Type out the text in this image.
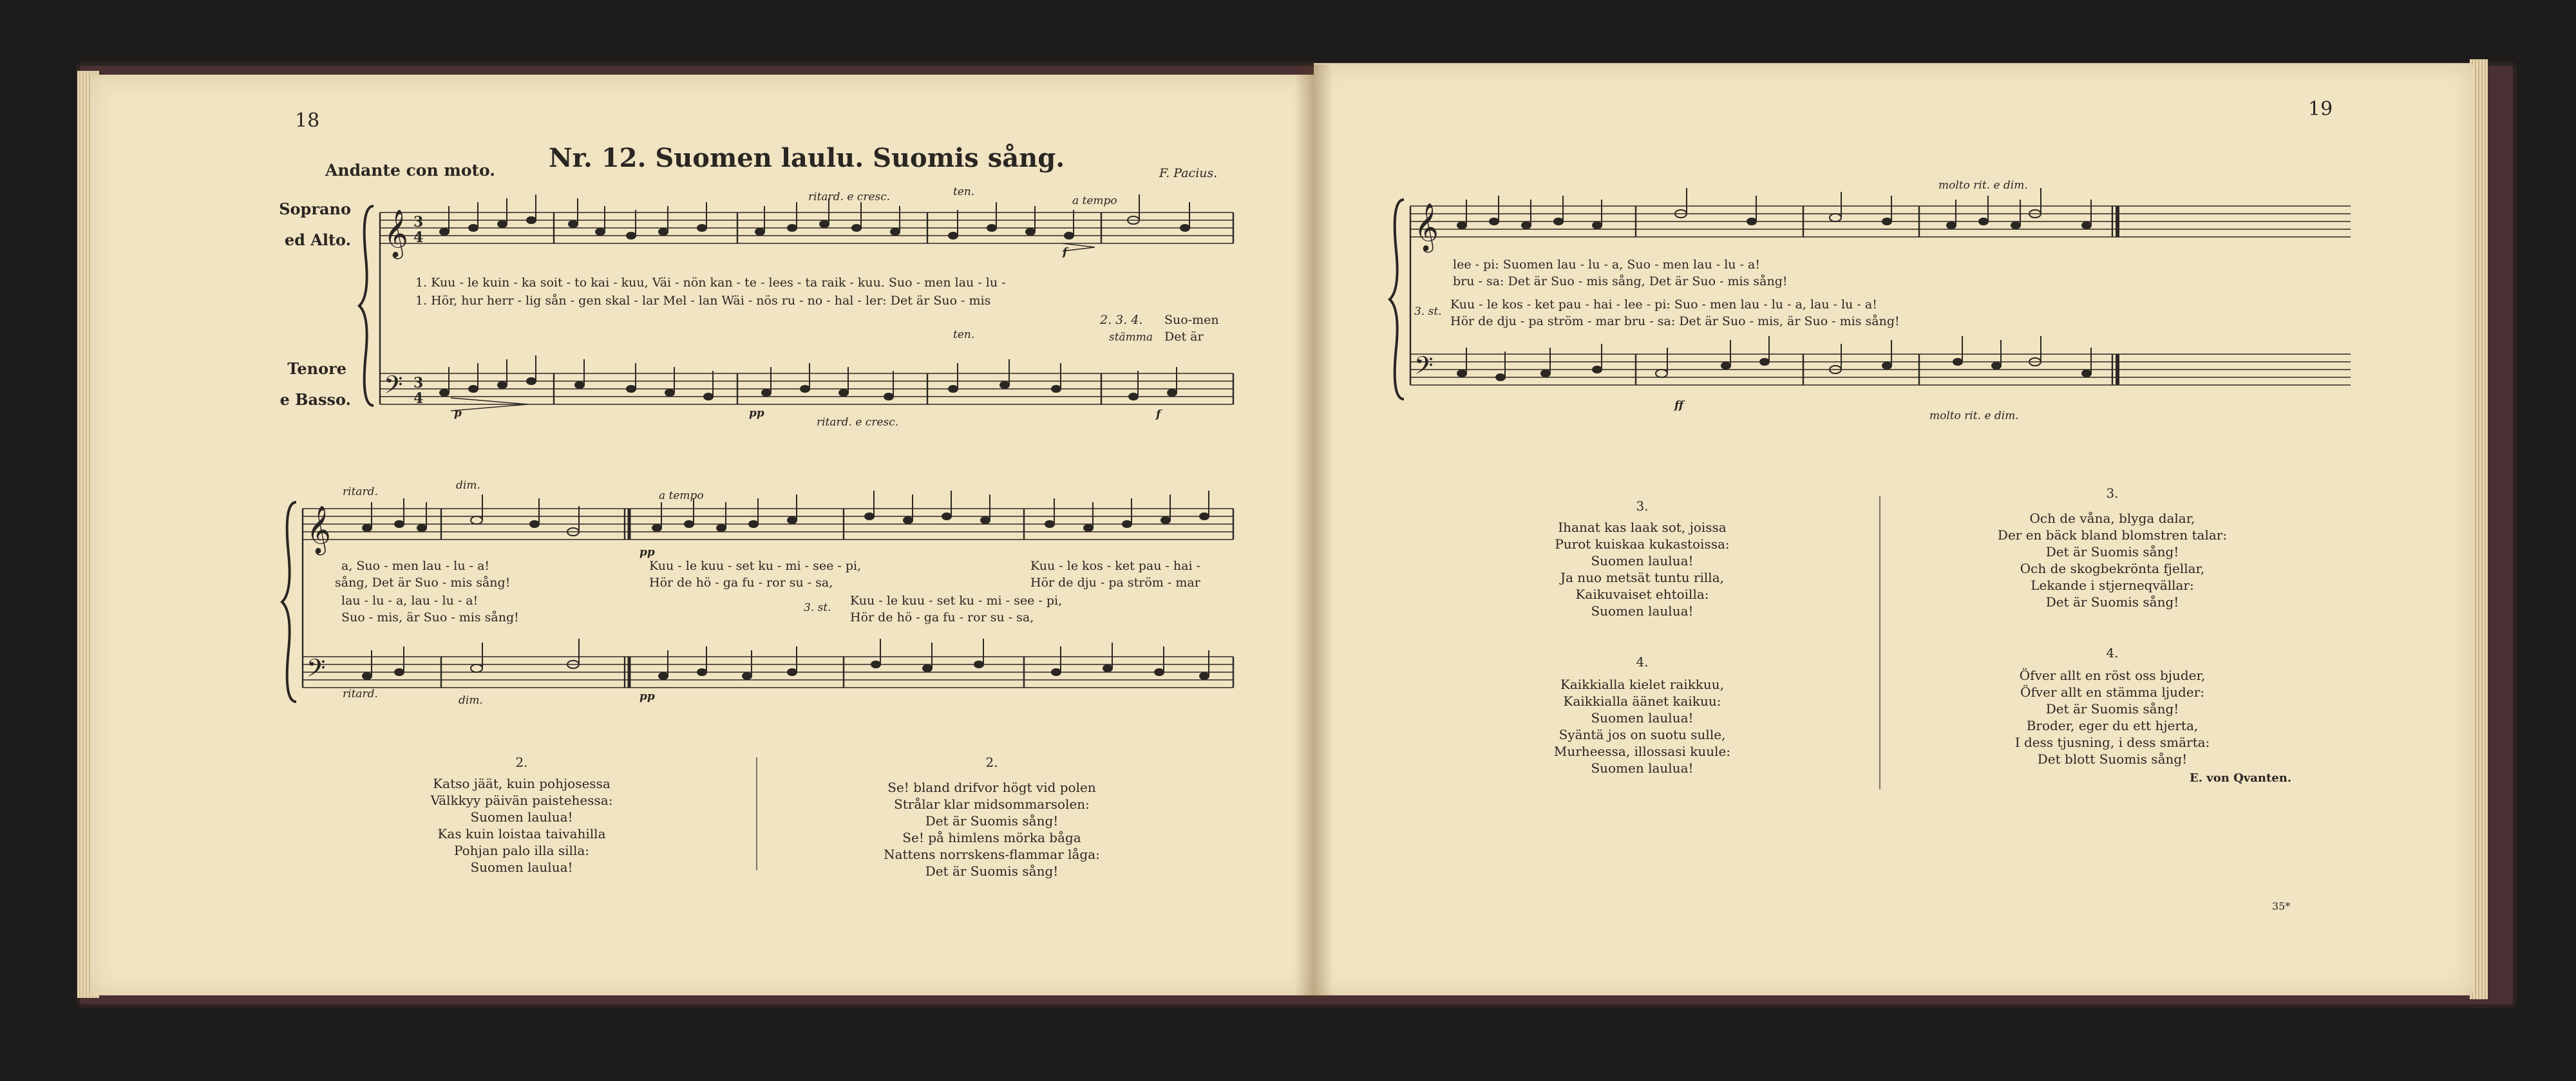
18
Nr. 12. Suomen laulu. Suomis sång.
Andante con moto.	F. Pacius.
Soprano
ed Alto.
Tenore
e Basso.
𝄞
𝄢
3
4
3
4
ritard. e cresc.	ten.
a tempo
f
1. Kuu - le kuin - ka soit - to kai - kuu, Väi - nön kan - te - lees - ta raik - kuu. Suo - men lau - lu -
1. Hör, hur herr - lig sån - gen skal - lar Mel - lan Wäi - nös ru - no - hal - ler: Det är Suo - mis
2. 3. 4.
stämma
Suo-men
Det är
ten.
p	pp
ritard. e cresc.
f
𝄞
𝄢
ritard.	dim.
a tempo
pp
a, Suo - men lau - lu - a!
sång, Det är Suo - mis sång!
lau - lu - a, lau - lu - a!
Suo - mis, är Suo - mis sång!
Kuu - le kuu - set ku - mi - see - pi,
Hör de hö - ga fu - ror su - sa,
3. st. Kuu - le kuu - set ku - mi - see - pi,
Hör de hö - ga fu - ror su - sa,
Kuu - le kos - ket pau - hai -
Hör de dju - pa ström - mar
ritard.	dim.	pp
2.
Katso jäät, kuin pohjosessa
Välkkyy päivän paistehessa:
Suomen laulua!
Kas kuin loistaa taivahilla
Pohjan palo illa silla:
Suomen laulua!
2.
Se! bland drifvor högt vid polen
Strålar klar midsommarsolen:
Det är Suomis sång!
Se! på himlens mörka båga
Nattens norrskens-flammar låga:
Det är Suomis sång!
19
𝄞
𝄢
molto rit. e dim.
lee - pi: Suomen lau - lu - a, Suo - men lau - lu - a!
bru - sa: Det är Suo - mis sång, Det är Suo - mis sång!
3. st. Kuu - le kos - ket pau - hai - lee - pi: Suo - men lau - lu - a, lau - lu - a!
Hör de dju - pa ström - mar bru - sa: Det är Suo - mis, är Suo - mis sång!
ff
molto rit. e dim.
3.
Ihanat kas laak sot, joissa
Purot kuiskaa kukastoissa:
Suomen laulua!
Ja nuo metsät tuntu rilla,
Kaikuvaiset ehtoilla:
Suomen laulua!
4.
Kaikkialla kielet raikkuu,
Kaikkialla äänet kaikuu:
Suomen laulua!
Syäntä jos on suotu sulle,
Murheessa, illossasi kuule:
Suomen laulua!
3.
Och de våna, blyga dalar,
Der en bäck bland blomstren talar:
Det är Suomis sång!
Och de skogbekrönta fjellar,
Lekande i stjerneqvällar:
Det är Suomis sång!
4.
Öfver allt en röst oss bjuder,
Öfver allt en stämma ljuder:
Det är Suomis sång!
Broder, eger du ett hjerta,
I dess tjusning, i dess smärta:
Det blott Suomis sång!
E. von Qvanten.
35*
